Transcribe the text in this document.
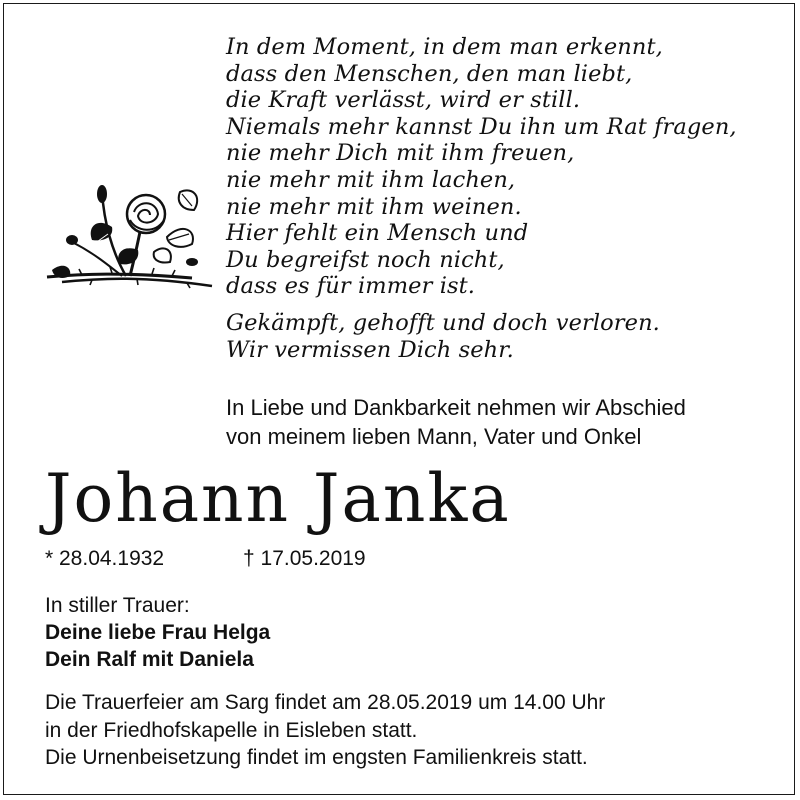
In dem Moment, in dem man erkennt,
dass den Menschen, den man liebt,
die Kraft verlässt, wird er still.
Niemals mehr kannst Du ihn um Rat fragen,
nie mehr Dich mit ihm freuen,
nie mehr mit ihm lachen,
nie mehr mit ihm weinen.
Hier fehlt ein Mensch und
Du begreifst noch nicht,
dass es für immer ist.
Gekämpft, gehofft und doch verloren.
Wir vermissen Dich sehr.
In Liebe und Dankbarkeit nehmen wir Abschied
von meinem lieben Mann, Vater und Onkel
Johann Janka
* 28.04.1932	† 17.05.2019
In stiller Trauer:
Deine liebe Frau Helga
Dein Ralf mit Daniela
Die Trauerfeier am Sarg findet am 28.05.2019 um 14.00 Uhr
in der Friedhofskapelle in Eisleben statt.
Die Urnenbeisetzung findet im engsten Familienkreis statt.
